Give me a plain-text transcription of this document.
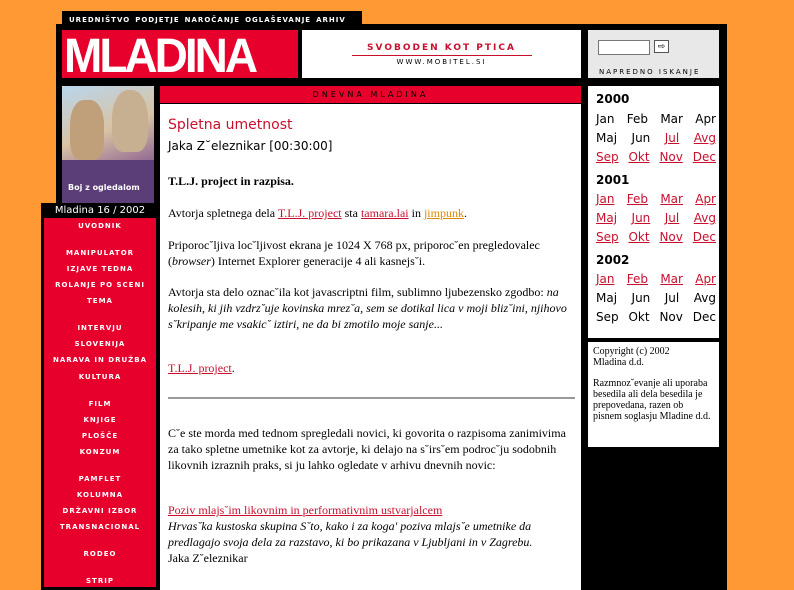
UREDNIŠTVO PODJETJE NAROČANJE OGLAŠEVANJE ARHIV
MLADINA	SVOBODEN KOT PTICA
WWW.MOBITEL.SI
⇨
NAPREDNO ISKANJE
Boj z ogledalom
Mladina 16 / 2002
UVODNIK
MANIPULATOR
IZJAVE TEDNA
ROLANJE PO SCENI
TEMA
INTERVJU
SLOVENIJA
NARAVA IN DRUŽBA
KULTURA
FILM
KNJIGE
PLOŠČE
KONZUM
PAMFLET
KOLUMNA
DRŽAVNI IZBOR
TRANSNACIONAL
RODEO
STRIP
DNEVNA MLADINA
Spletna umetnost
Jaka Z˘eleznikar [00:30:00]
T.L.J. project in razpisa.
Avtorja spletnega dela T.L.J. project sta tamara.lai in jimpunk.
Priporoc˘ljiva loc˘ljivost ekrana je 1024 X 768 px, priporoc˘en pregledovalec (browser) Internet Explorer generacije 4 ali kasnejs˘i.
Avtorja sta delo oznac˘ila kot javascriptni film, sublimno ljubezensko zgodbo: na kolesih, ki jih vzdrz˘uje kovinska mrez˘a, sem se dotikal lica v moji bliz˘ini, njihovo s˘kripanje me vsakic˘ iztiri, ne da bi zmotilo moje sanje...
T.L.J. project.
C˘e ste morda med tednom spregledali novici, ki govorita o razpisoma zanimivima za tako spletne umetnike kot za avtorje, ki delajo na s˘irs˘em podroc˘ju sodobnih likovnih izraznih praks, si ju lahko ogledate v arhivu dnevnih novic:
Poziv mlajs˘im likovnim in performativnim ustvarjalcem
Hrvas˘ka kustoska skupina S˘to, kako i za koga' poziva mlajs˘e umetnike da predlagajo svoja dela za razstavo, ki bo prikazana v Ljubljani in v Zagrebu.
Jaka Z˘eleznikar
2000
Jan Feb Mar Apr
Maj Jun Jul Avg
Sep Okt Nov Dec
2001
Jan Feb Mar Apr
Maj Jun Jul Avg
Sep Okt Nov Dec
2002
Jan Feb Mar Apr
Maj Jun Jul Avg
Sep Okt Nov Dec
Copyright (c) 2002
Mladina d.d.
Razmnoz˘evanje ali uporaba besedila ali dela besedila je prepovedana, razen ob pisnem soglasju Mladine d.d.
